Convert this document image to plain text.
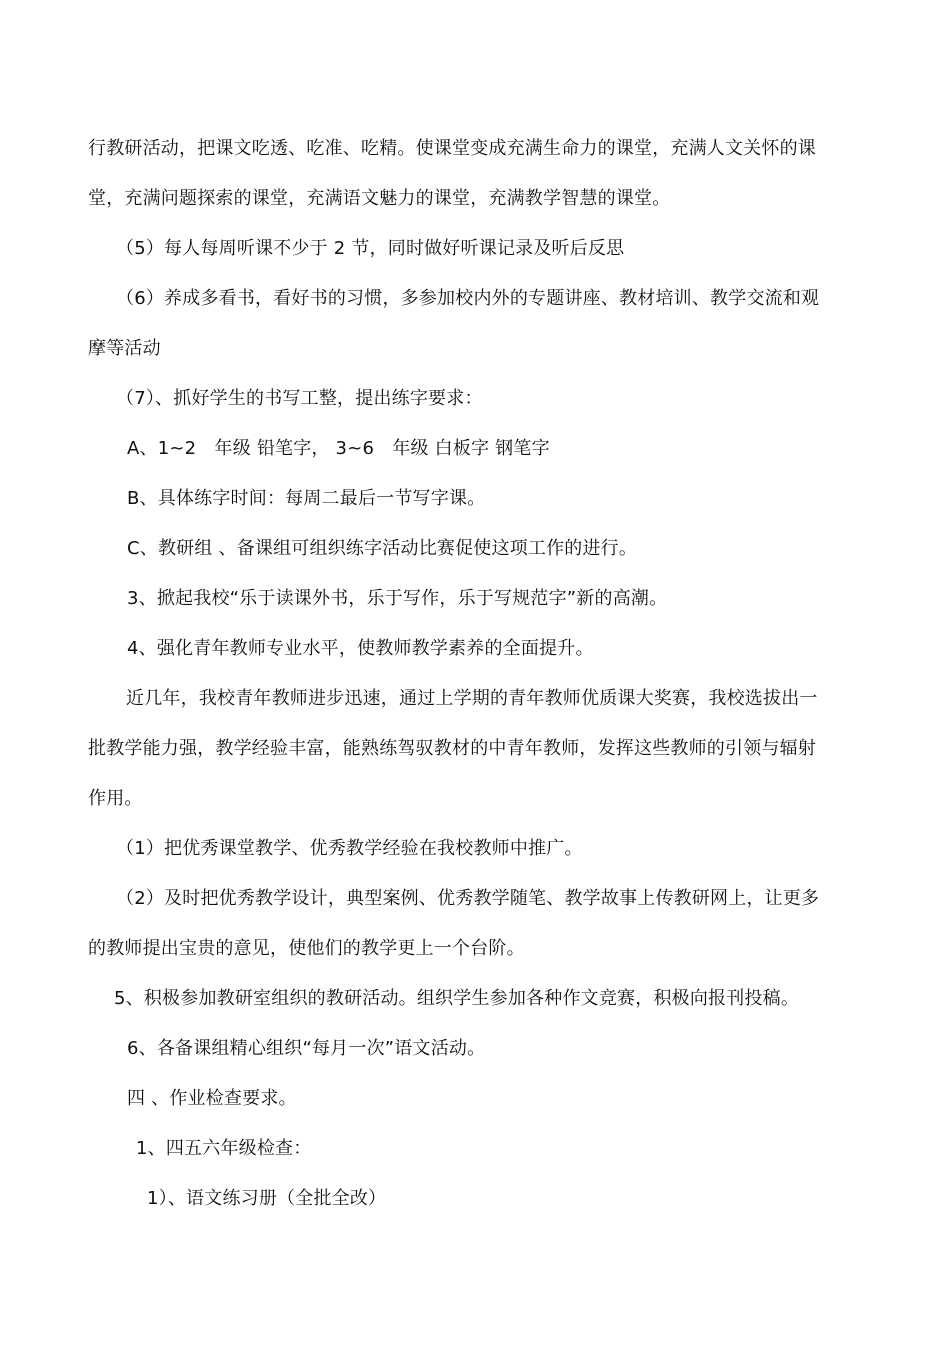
行教研活动，把课文吃透、吃准、吃精。使课堂变成充满生命力的课堂，充满人文关怀的课
堂，充满问题探索的课堂，充满语文魅力的课堂，充满教学智慧的课堂。
（5）每人每周听课不少于 2 节，同时做好听课记录及听后反思
（6）养成多看书，看好书的习惯，多参加校内外的专题讲座、教材培训、教学交流和观
摩等活动
（7）、抓好学生的书写工整，提出练字要求：
A、1~2　年级 铅笔字， 3~6　年级 白板字 钢笔字
B、具体练字时间：每周二最后一节写字课。
C、教研组 、备课组可组织练字活动比赛促使这项工作的进行。
3、掀起我校“乐于读课外书，乐于写作，乐于写规范字”新的高潮。
4、强化青年教师专业水平，使教师教学素养的全面提升。
近几年，我校青年教师进步迅速，通过上学期的青年教师优质课大奖赛，我校选拔出一
批教学能力强，教学经验丰富，能熟练驾驭教材的中青年教师，发挥这些教师的引领与辐射
作用。
（1）把优秀课堂教学、优秀教学经验在我校教师中推广。
（2）及时把优秀教学设计，典型案例、优秀教学随笔、教学故事上传教研网上，让更多
的教师提出宝贵的意见，使他们的教学更上一个台阶。
5、积极参加教研室组织的教研活动。组织学生参加各种作文竞赛，积极向报刊投稿。
6、各备课组精心组织“每月一次”语文活动。
四 、作业检查要求。
1、四五六年级检查：
1）、语文练习册（全批全改）
